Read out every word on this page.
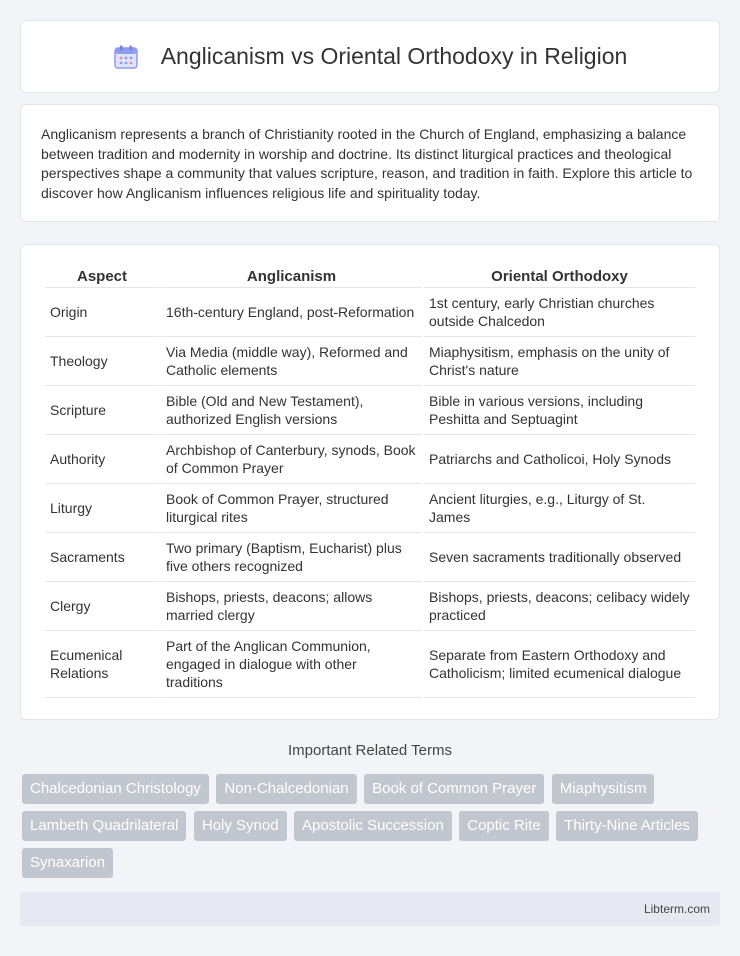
Anglicanism vs Oriental Orthodoxy in Religion

Anglicanism represents a branch of Christianity rooted in the Church of England, emphasizing a balance between tradition and modernity in worship and doctrine. Its distinct liturgical practices and theological perspectives shape a community that values scripture, reason, and tradition in faith. Explore this article to discover how Anglicanism influences religious life and spirituality today.

Aspect	Anglicanism	Oriental Orthodoxy
Origin	16th-century England, post-Reformation	1st century, early Christian churches outside Chalcedon
Theology	Via Media (middle way), Reformed and Catholic elements	Miaphysitism, emphasis on the unity of Christ's nature
Scripture	Bible (Old and New Testament), authorized English versions	Bible in various versions, including Peshitta and Septuagint
Authority	Archbishop of Canterbury, synods, Book of Common Prayer	Patriarchs and Catholicoi, Holy Synods
Liturgy	Book of Common Prayer, structured liturgical rites	Ancient liturgies, e.g., Liturgy of St. James
Sacraments	Two primary (Baptism, Eucharist) plus five others recognized	Seven sacraments traditionally observed
Clergy	Bishops, priests, deacons; allows married clergy	Bishops, priests, deacons; celibacy widely practiced
Ecumenical Relations	Part of the Anglican Communion, engaged in dialogue with other traditions	Separate from Eastern Orthodoxy and Catholicism; limited ecumenical dialogue
Important Related Terms
Chalcedonian Christology Non-Chalcedonian Book of Common Prayer Miaphysitism Lambeth Quadrilateral Holy Synod Apostolic Succession Coptic Rite Thirty-Nine Articles Synaxarion
Libterm.com
